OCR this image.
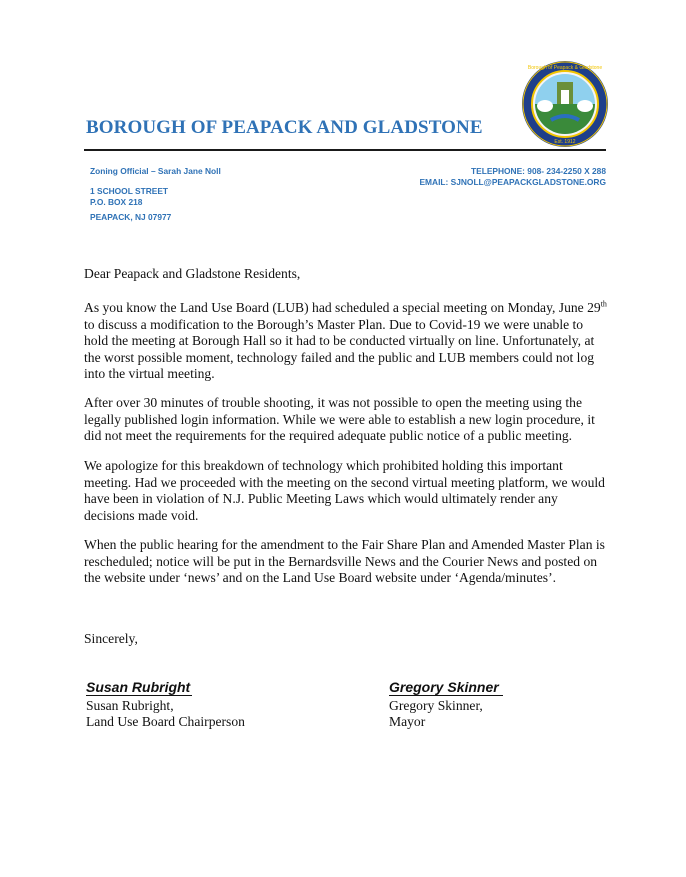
Est. 1912
Borough of Peapack & Gladstone
BOROUGH OF PEAPACK AND GLADSTONE
Zoning Official – Sarah Jane Noll	TELEPHONE: 908- 234-2250 X 288
EMAIL: SJNOLL@PEAPACKGLADSTONE.ORG
1 SCHOOL STREET
P.O. BOX 218
PEAPACK, NJ 07977
Dear Peapack and Gladstone Residents,
As you know the Land Use Board (LUB) had scheduled a special meeting on Monday, June 29th to discuss a modification to the Borough’s Master Plan. Due to Covid-19 we were unable to hold the meeting at Borough Hall so it had to be conducted virtually on line. Unfortunately, at the worst possible moment, technology failed and the public and LUB members could not log into the virtual meeting.
After over 30 minutes of trouble shooting, it was not possible to open the meeting using the legally published login information. While we were able to establish a new login procedure, it did not meet the requirements for the required adequate public notice of a public meeting.
We apologize for this breakdown of technology which prohibited holding this important meeting. Had we proceeded with the meeting on the second virtual meeting platform, we would have been in violation of N.J. Public Meeting Laws which would ultimately render any decisions made void.
When the public hearing for the amendment to the Fair Share Plan and Amended Master Plan is rescheduled; notice will be put in the Bernardsville News and the Courier News and posted on the website under ‘news’ and on the Land Use Board website under ‘Agenda/minutes’.
Sincerely,
Susan Rubright
Susan Rubright,
Land Use Board Chairperson
Gregory Skinner
Gregory Skinner,
Mayor
